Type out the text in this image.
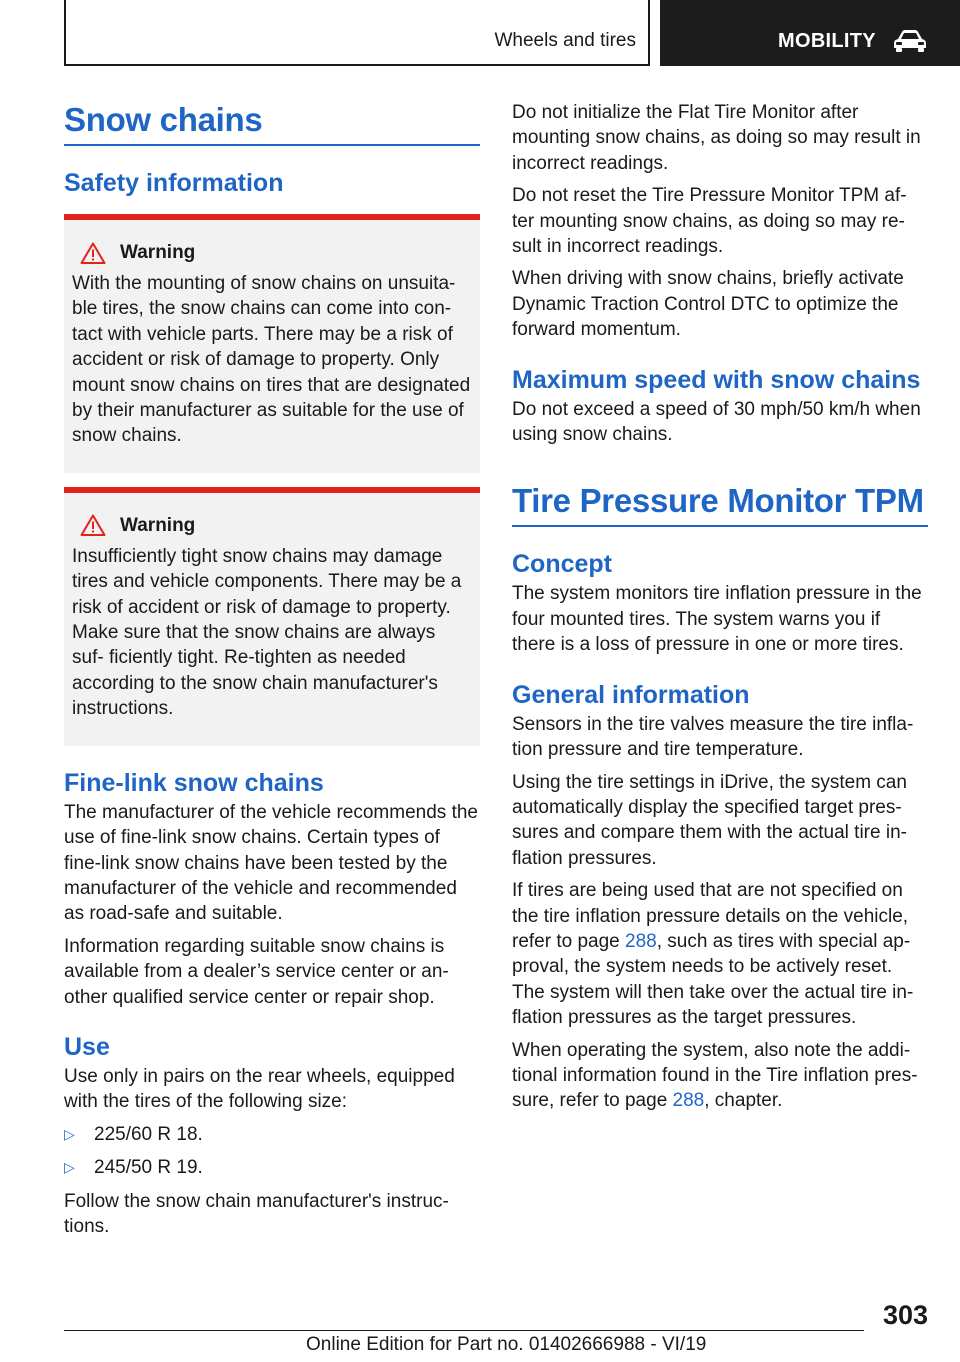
Wheels and tires	MOBILITY
Snow chains
Safety information
Warning

With the mounting of snow chains on unsuita- ble tires, the snow chains can come into con- tact with vehicle parts. There may be a risk of accident or risk of damage to property. Only mount snow chains on tires that are designated by their manufacturer as suitable for the use of snow chains.

Warning

Insufficiently tight snow chains may damage tires and vehicle components. There may be a risk of accident or risk of damage to property. Make sure that the snow chains are always suf- ficiently tight. Re-tighten as needed according to the snow chain manufacturer's instructions.

Fine-link snow chains

The manufacturer of the vehicle recommends the use of fine-link snow chains. Certain types of fine-link snow chains have been tested by the manufacturer of the vehicle and recommended as road-safe and suitable.

Information regarding suitable snow chains is available from a dealer’s service center or an- other qualified service center or repair shop.

Use

Use only in pairs on the rear wheels, equipped with the tires of the following size:

▷	225/60 R 18.
▷	245/50 R 19.

Follow the snow chain manufacturer's instruc- tions.

Do not initialize the Flat Tire Monitor after mounting snow chains, as doing so may result in incorrect readings.

Do not reset the Tire Pressure Monitor TPM af- ter mounting snow chains, as doing so may re- sult in incorrect readings.

When driving with snow chains, briefly activate Dynamic Traction Control DTC to optimize the forward momentum.

Maximum speed with snow chains

Do not exceed a speed of 30 mph/50 km/h when using snow chains.

Tire Pressure Monitor TPM
Concept

The system monitors tire inflation pressure in the four mounted tires. The system warns you if there is a loss of pressure in one or more tires.

General information

Sensors in the tire valves measure the tire infla- tion pressure and tire temperature.

Using the tire settings in iDrive, the system can automatically display the specified target pres- sures and compare them with the actual tire in- flation pressures.

If tires are being used that are not specified on the tire inflation pressure details on the vehicle, refer to page 288, such as tires with special ap- proval, the system needs to be actively reset. The system will then take over the actual tire in- flation pressures as the target pressures.

When operating the system, also note the addi- tional information found in the Tire inflation pres- sure, refer to page 288, chapter.

303
Online Edition for Part no. 01402666988 - VI/19
